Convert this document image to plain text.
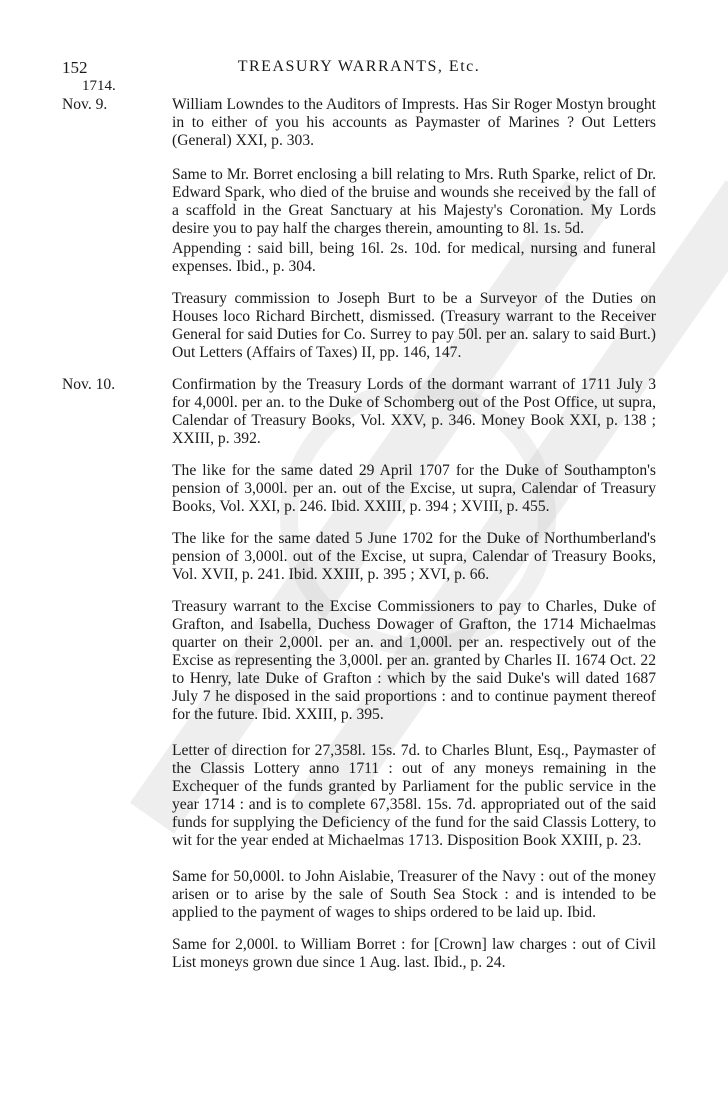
152	TREASURY WARRANTS, Etc.
1714.
Nov. 9.	William Lowndes to the Auditors of Imprests. Has Sir Roger Mostyn brought in to either of you his accounts as Paymaster of Marines ? Out Letters (General) XXI, p. 303.
Same to Mr. Borret enclosing a bill relating to Mrs. Ruth Sparke, relict of Dr. Edward Spark, who died of the bruise and wounds she received by the fall of a scaffold in the Great Sanctuary at his Majesty's Coronation. My Lords desire you to pay half the charges therein, amounting to 8l. 1s. 5d.
Appending : said bill, being 16l. 2s. 10d. for medical, nursing and funeral expenses. Ibid., p. 304.
Treasury commission to Joseph Burt to be a Surveyor of the Duties on Houses loco Richard Birchett, dismissed. (Treasury warrant to the Receiver General for said Duties for Co. Surrey to pay 50l. per an. salary to said Burt.) Out Letters (Affairs of Taxes) II, pp. 146, 147.
Nov. 10.	Confirmation by the Treasury Lords of the dormant warrant of 1711 July 3 for 4,000l. per an. to the Duke of Schomberg out of the Post Office, ut supra, Calendar of Treasury Books, Vol. XXV, p. 346. Money Book XXI, p. 138 ; XXIII, p. 392.
The like for the same dated 29 April 1707 for the Duke of Southampton's pension of 3,000l. per an. out of the Excise, ut supra, Calendar of Treasury Books, Vol. XXI, p. 246. Ibid. XXIII, p. 394 ; XVIII, p. 455.
The like for the same dated 5 June 1702 for the Duke of Northumberland's pension of 3,000l. out of the Excise, ut supra, Calendar of Treasury Books, Vol. XVII, p. 241. Ibid. XXIII, p. 395 ; XVI, p. 66.
Treasury warrant to the Excise Commissioners to pay to Charles, Duke of Grafton, and Isabella, Duchess Dowager of Grafton, the 1714 Michaelmas quarter on their 2,000l. per an. and 1,000l. per an. respectively out of the Excise as representing the 3,000l. per an. granted by Charles II. 1674 Oct. 22 to Henry, late Duke of Grafton : which by the said Duke's will dated 1687 July 7 he disposed in the said proportions : and to continue payment thereof for the future. Ibid. XXIII, p. 395.
Letter of direction for 27,358l. 15s. 7d. to Charles Blunt, Esq., Paymaster of the Classis Lottery anno 1711 : out of any moneys remaining in the Exchequer of the funds granted by Parliament for the public service in the year 1714 : and is to complete 67,358l. 15s. 7d. appropriated out of the said funds for supplying the Deficiency of the fund for the said Classis Lottery, to wit for the year ended at Michaelmas 1713. Disposition Book XXIII, p. 23.
Same for 50,000l. to John Aislabie, Treasurer of the Navy : out of the money arisen or to arise by the sale of South Sea Stock : and is intended to be applied to the payment of wages to ships ordered to be laid up. Ibid.
Same for 2,000l. to William Borret : for [Crown] law charges : out of Civil List moneys grown due since 1 Aug. last. Ibid., p. 24.
